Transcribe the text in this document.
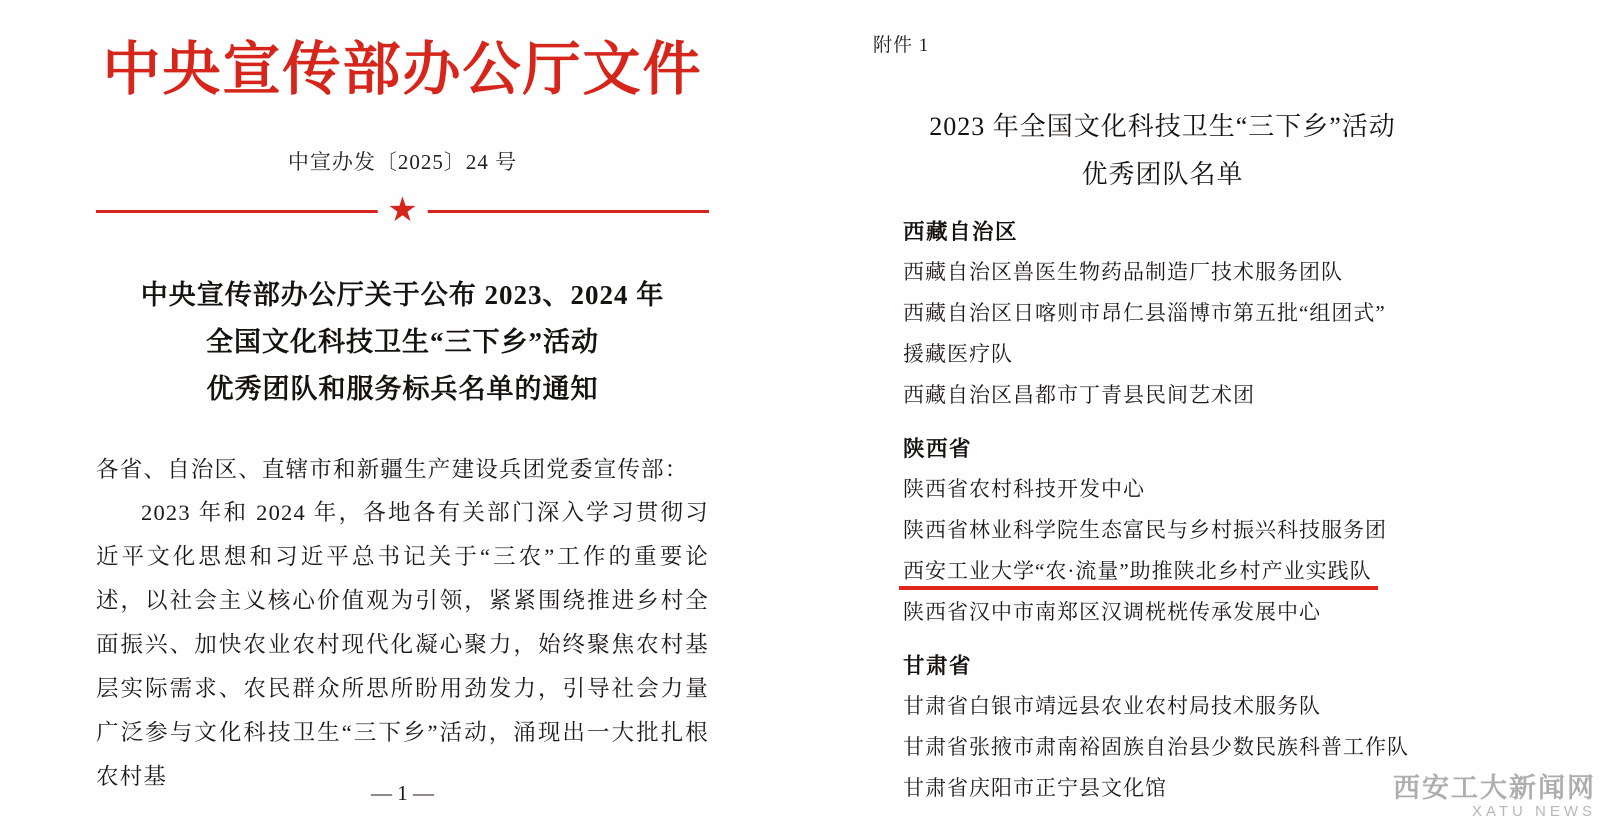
中央宣传部办公厅文件
中宣办发〔2025〕24 号
★
中央宣传部办公厅关于公布 2023、2024 年
全国文化科技卫生“三下乡”活动
优秀团队和服务标兵名单的通知
各省、自治区、直辖市和新疆生产建设兵团党委宣传部：
2023 年和 2024 年，各地各有关部门深入学习贯彻习近平文化思想和习近平总书记关于“三农”工作的重要论述，以社会主义核心价值观为引领，紧紧围绕推进乡村全面振兴、加快农业农村现代化凝心聚力，始终聚焦农村基层实际需求、农民群众所思所盼用劲发力，引导社会力量广泛参与文化科技卫生“三下乡”活动，涌现出一大批扎根农村基
— 1 —
附件 1
2023 年全国文化科技卫生“三下乡”活动
优秀团队名单
西藏自治区
西藏自治区兽医生物药品制造厂技术服务团队
西藏自治区日喀则市昂仁县淄博市第五批“组团式”
援藏医疗队
西藏自治区昌都市丁青县民间艺术团
陕西省
陕西省农村科技开发中心
陕西省林业科学院生态富民与乡村振兴科技服务团
西安工业大学“农·流量”助推陕北乡村产业实践队
陕西省汉中市南郑区汉调桄桄传承发展中心
甘肃省
甘肃省白银市靖远县农业农村局技术服务队
甘肃省张掖市肃南裕固族自治县少数民族科普工作队
甘肃省庆阳市正宁县文化馆	西安工大新闻网
XATU NEWS
